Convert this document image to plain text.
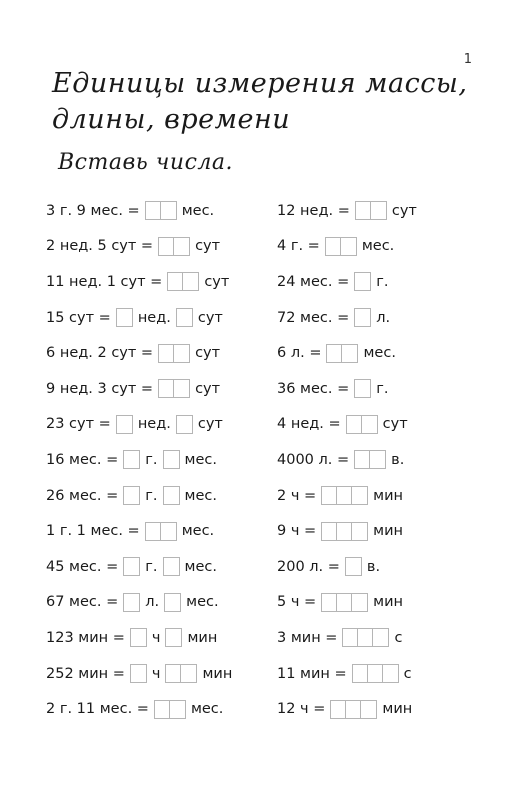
1
Единицы измерения массы, длины, времени
Вставь числа.
3 г. 9 мес. =	мес.
2 нед. 5 сут =	сут
11 нед. 1 сут =	сут
15 сут = нед. сут
6 нед. 2 сут =	сут
9 нед. 3 сут =	сут
23 сут = нед. сут
16 мес. = г. мес.
26 мес. = г. мес.
1 г. 1 мес. =	мес.
45 мес. = г. мес.
67 мес. = л. мес.
123 мин = ч мин
252 мин = ч	мин
2 г. 11 мес. =	мес.
12 нед. =	сут
4 г. =	мес.
24 мес. = г.
72 мес. = л.
6 л. =	мес.
36 мес. = г.
4 нед. =	сут
4000 л. =	в.
2 ч =	мин
9 ч =	мин
200 л. = в.
5 ч =	мин
3 мин =	с
11 мин =	с
12 ч =	мин
